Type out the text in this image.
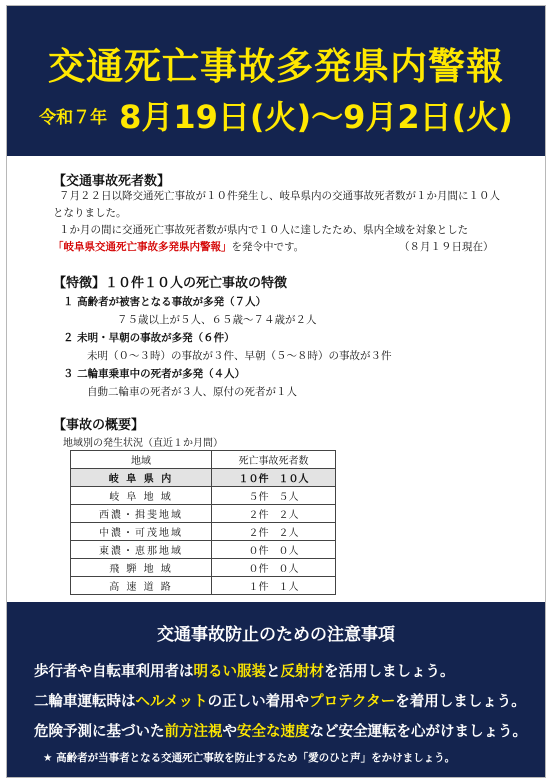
交通死亡事故多発県内警報
令和７年 8月19日(火)～9月2日(火)
【交通事故死者数】
７月２２日以降交通死亡事故が１０件発生し、岐阜県内の交通事故死者数が１か月間に１０人
となりました。
１か月の間に交通死亡事故死者数が県内で１０人に達したため、県内全域を対象とした
「岐阜県交通死亡事故多発県内警報」を発令中です。	（８月１９日現在）
【特徴】１０件１０人の死亡事故の特徴
１ 高齢者が被害となる事故が多発（７人）
７５歳以上が５人、６５歳～７４歳が２人
２ 未明・早朝の事故が多発（６件）
未明（０～３時）の事故が３件、早朝（５～８時）の事故が３件
３ 二輪車乗車中の死者が多発（４人）
自動二輪車の死者が３人、原付の死者が１人
【事故の概要】
地域別の発生状況（直近１か月間）
地域	死亡事故死者数
岐 阜 県 内	１０件　１０人
岐 阜 地 域	５件　５人
西濃・揖斐地域	２件　２人
中濃・可茂地域	２件　２人
東濃・恵那地域	０件　０人
飛 騨 地 域	０件　０人
高 速 道 路	１件　１人
交通事故防止のための注意事項
歩行者や自転車利用者は明るい服装と反射材を活用しましょう。
二輪車運転時はヘルメットの正しい着用やプロテクターを着用しましょう。
危険予測に基づいた前方注視や安全な速度など安全運転を心がけましょう。
★ 高齢者が当事者となる交通死亡事故を防止するため「愛のひと声」をかけましょう。
